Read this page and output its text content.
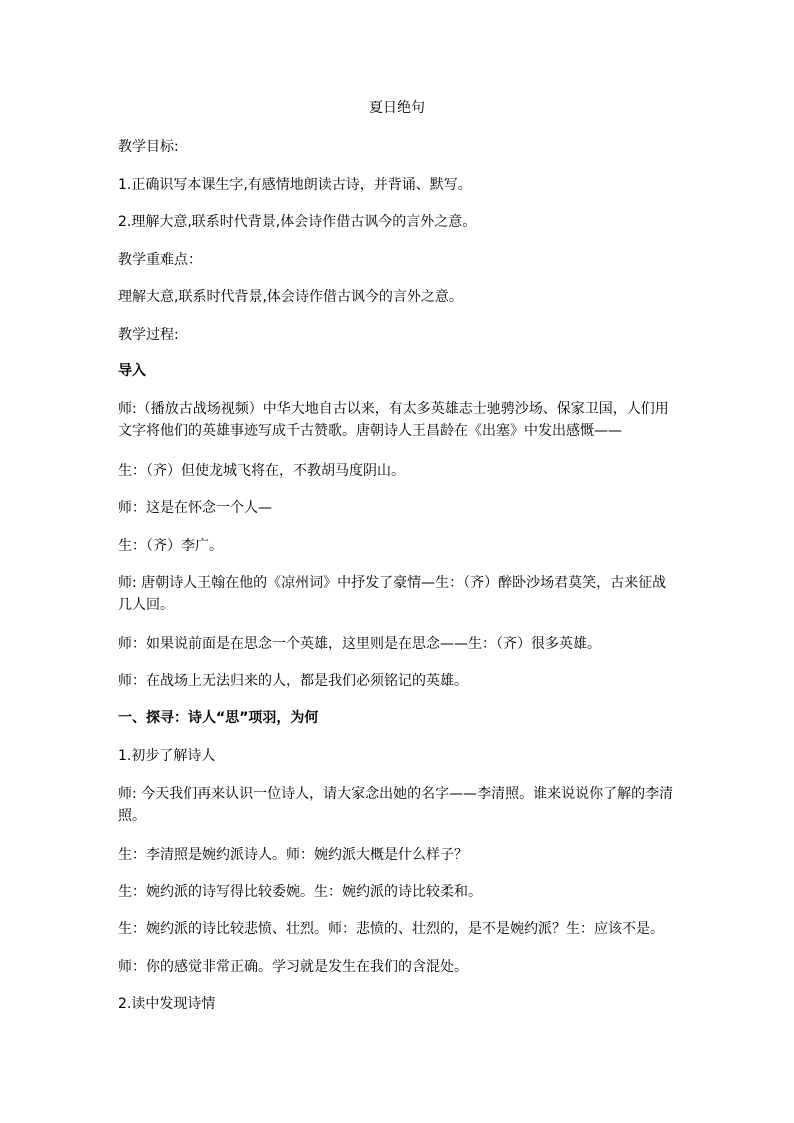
夏日绝句

教学目标:

1.正确识写本课生字,有感情地朗读古诗，并背诵、默写。

2.理解大意,联系时代背景,体会诗作借古讽今的言外之意。

教学重难点：

理解大意,联系时代背景,体会诗作借古讽今的言外之意。

教学过程:

导入

师:（播放古战场视频）中华大地自古以来，有太多英雄志士驰骋沙场、保家卫国，人们用文字将他们的英雄事迹写成千古赞歌。唐朝诗人王昌龄在《出塞》中发出感慨——

生：（齐）但使龙城飞将在，不教胡马度阴山。

师：这是在怀念一个人—

生：（齐）李广。

师: 唐朝诗人王翰在他的《凉州词》中抒发了豪情—生：（齐）醉卧沙场君莫笑，古来征战几人回。

师：如果说前面是在思念一个英雄，这里则是在思念——生：（齐）很多英雄。

师：在战场上无法归来的人，都是我们必须铭记的英雄。

一、探寻：诗人“思”项羽，为何

1.初步了解诗人

师: 今天我们再来认识一位诗人，请大家念出她的名字——李清照。谁来说说你了解的李清照。

生：李清照是婉约派诗人。师：婉约派大概是什么样子？

生：婉约派的诗写得比较委婉。生：婉约派的诗比较柔和。

生：婉约派的诗比较悲愤、壮烈。师：悲愤的、壮烈的，是不是婉约派？生：应该不是。

师：你的感觉非常正确。学习就是发生在我们的含混处。

2.读中发现诗情
